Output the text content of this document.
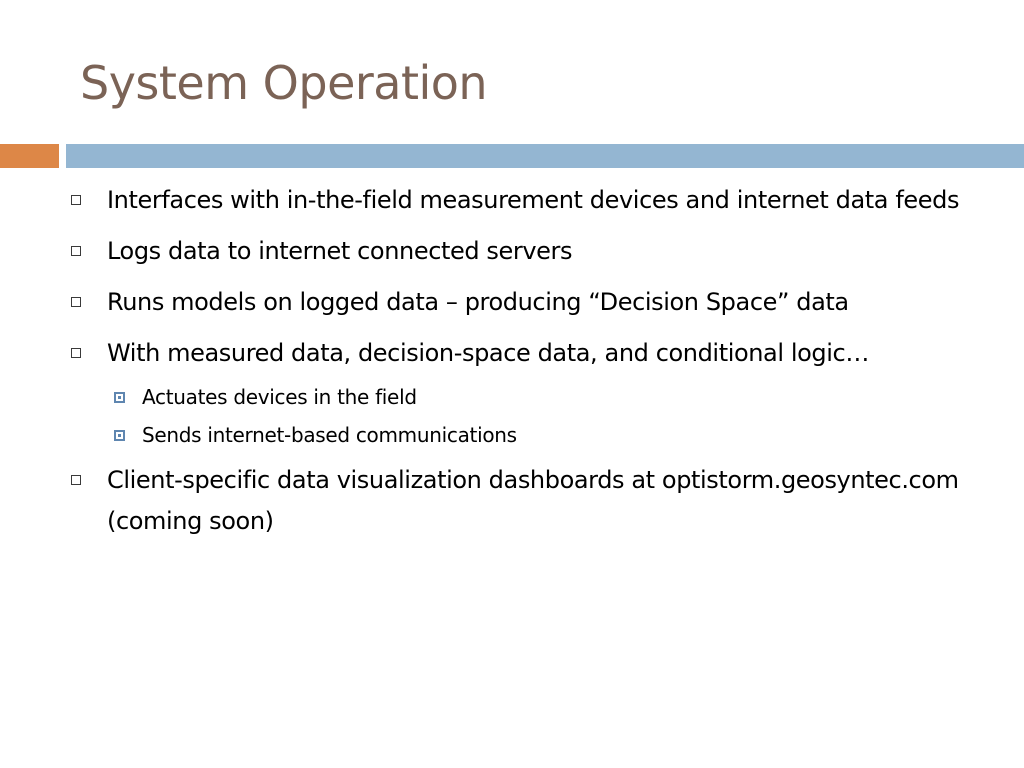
System Operation
Interfaces with in-the-field measurement devices and internet data feeds
Logs data to internet connected servers
Runs models on logged data – producing “Decision Space” data
With measured data, decision-space data, and conditional logic…
Actuates devices in the field
Sends internet-based communications
Client-specific data visualization dashboards at optistorm.geosyntec.com (coming soon)
